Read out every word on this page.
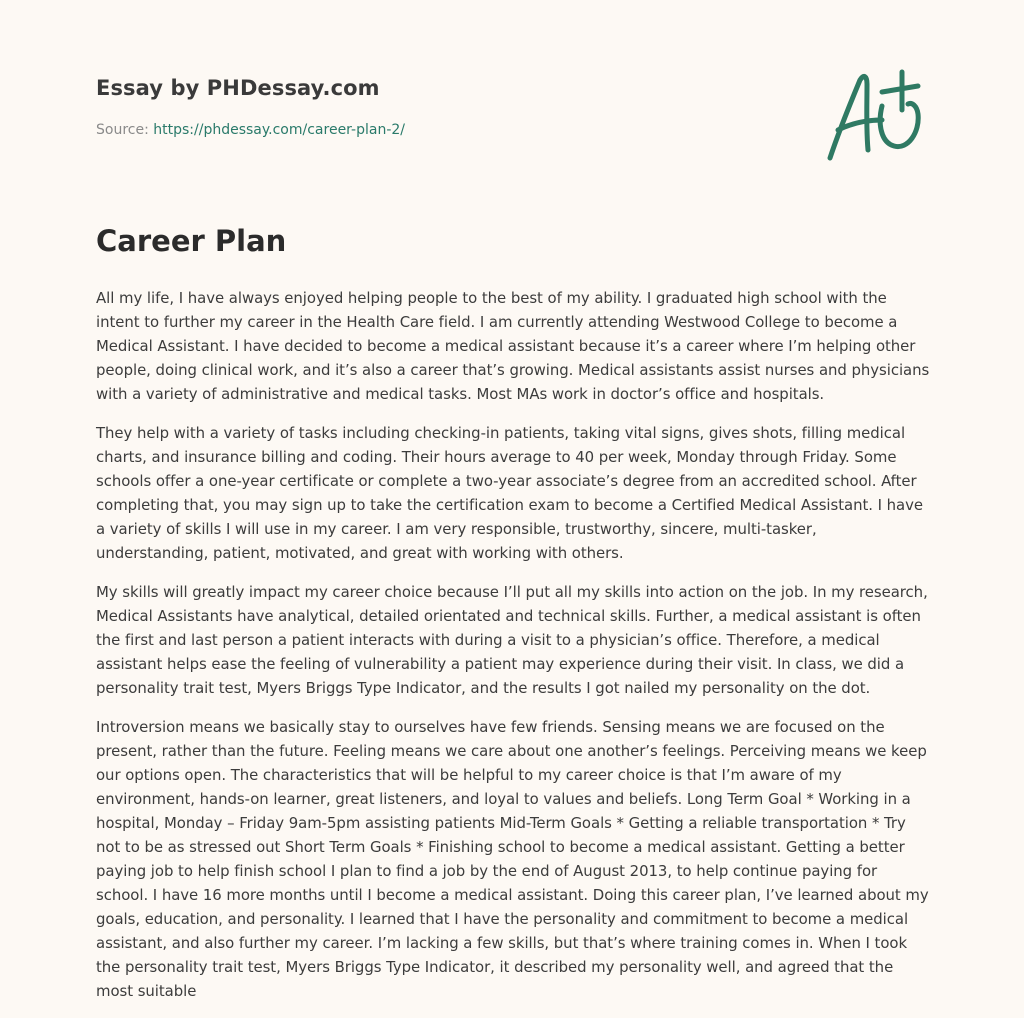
Essay by PHDessay.com
Source: https://phdessay.com/career-plan-2/
Career Plan

All my life, I have always enjoyed helping people to the best of my ability. I graduated high school with the intent to further my career in the Health Care field. I am currently attending Westwood College to become a Medical Assistant. I have decided to become a medical assistant because it’s a career where I’m helping other people, doing clinical work, and it’s also a career that’s growing. Medical assistants assist nurses and physicians with a variety of administrative and medical tasks. Most MAs work in doctor’s office and hospitals.

They help with a variety of tasks including checking-in patients, taking vital signs, gives shots, filling medical charts, and insurance billing and coding. Their hours average to 40 per week, Monday through Friday. Some schools offer a one-year certificate or complete a two-year associate’s degree from an accredited school. After completing that, you may sign up to take the certification exam to become a Certified Medical Assistant. I have a variety of skills I will use in my career. I am very responsible, trustworthy, sincere, multi-tasker, understanding, patient, motivated, and great with working with others.

My skills will greatly impact my career choice because I’ll put all my skills into action on the job. In my research, Medical Assistants have analytical, detailed orientated and technical skills. Further, a medical assistant is often the first and last person a patient interacts with during a visit to a physician’s office. Therefore, a medical assistant helps ease the feeling of vulnerability a patient may experience during their visit. In class, we did a personality trait test, Myers Briggs Type Indicator, and the results I got nailed my personality on the dot.

Introversion means we basically stay to ourselves have few friends. Sensing means we are focused on the present, rather than the future. Feeling means we care about one another’s feelings. Perceiving means we keep our options open. The characteristics that will be helpful to my career choice is that I’m aware of my environment, hands-on learner, great listeners, and loyal to values and beliefs. Long Term Goal * Working in a hospital, Monday – Friday 9am-5pm assisting patients Mid-Term Goals * Getting a reliable transportation * Try not to be as stressed out Short Term Goals * Finishing school to become a medical assistant. Getting a better paying job to help finish school I plan to find a job by the end of August 2013, to help continue paying for school. I have 16 more months until I become a medical assistant. Doing this career plan, I’ve learned about my goals, education, and personality. I learned that I have the personality and commitment to become a medical assistant, and also further my career. I’m lacking a few skills, but that’s where training comes in. When I took the personality trait test, Myers Briggs Type Indicator, it described my personality well, and agreed that the most suitable
